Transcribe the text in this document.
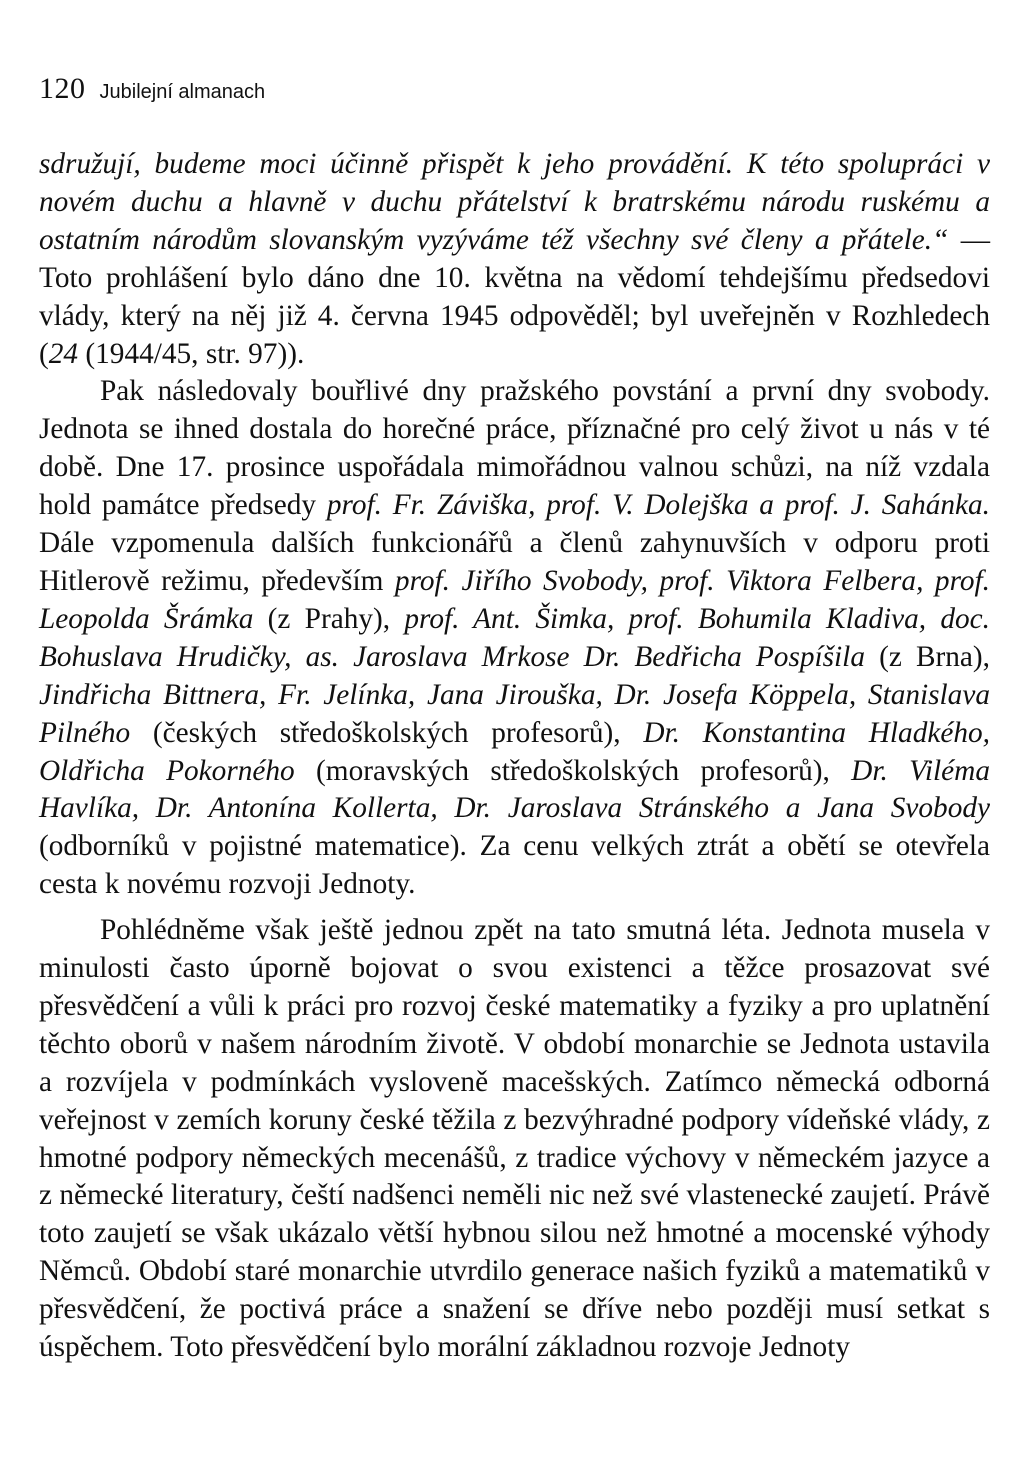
120 Jubilejní almanach

sdružují, budeme moci účinně přispět k jeho provádění. K této spolupráci v novém duchu a hlavně v duchu přátelství k bratrskému národu ruskému a ostatním národům slovanským vyzýváme též všechny své členy a přátele.“ — Toto prohlášení bylo dáno dne 10. května na vědomí tehdejšímu předsedovi vlády, který na něj již 4. června 1945 odpověděl; byl uveřejněn v Rozhledech (24 (1944/45, str. 97)).

Pak následovaly bouřlivé dny pražského povstání a první dny svobody. Jednota se ihned dostala do horečné práce, příznačné pro celý život u nás v té době. Dne 17. prosince uspořádala mimořádnou valnou schůzi, na níž vzdala hold památce předsedy prof. Fr. Záviška, prof. V. Dolejška a prof. J. Sahánka. Dále vzpomenula dalších funkcionářů a členů zahynuvších v odporu proti Hitlerově režimu, především prof. Jiřího Svobody, prof. Viktora Felbera, prof. Leopolda Šrámka (z Prahy), prof. Ant. Šimka, prof. Bohumila Kladiva, doc. Bohuslava Hrudičky, as. Jaroslava Mrkose Dr. Bedřicha Pospíšila (z Brna), Jindřicha Bittnera, Fr. Jelínka, Jana Jirouška, Dr. Josefa Köppela, Stanislava Pilného (českých středoškolských profesorů), Dr. Konstantina Hladkého, Oldřicha Pokorného (moravských středoškolských profesorů), Dr. Viléma Havlíka, Dr. Antonína Kollerta, Dr. Jaroslava Stránského a Jana Svobody (odborníků v pojistné matematice). Za cenu velkých ztrát a obětí se otevřela cesta k novému rozvoji Jednoty.

Pohlédněme však ještě jednou zpět na tato smutná léta. Jednota musela v minulosti často úporně bojovat o svou existenci a těžce prosazovat své přesvědčení a vůli k práci pro rozvoj české matematiky a fyziky a pro uplatnění těchto oborů v našem národním životě. V období monarchie se Jednota ustavila a rozvíjela v podmínkách vysloveně macešských. Zatímco německá odborná veřejnost v zemích koruny české těžila z bezvýhradné podpory vídeňské vlády, z hmotné podpory německých mecenášů, z tradice výchovy v německém jazyce a z německé literatury, čeští nadšenci neměli nic než své vlastenecké zaujetí. Právě toto zaujetí se však ukázalo větší hybnou silou než hmotné a mocenské výhody Němců. Období staré monarchie utvrdilo generace našich fyziků a matematiků v přesvědčení, že poctivá práce a snažení se dříve nebo později musí setkat s úspěchem. Toto přesvědčení bylo morální základnou rozvoje Jednoty
